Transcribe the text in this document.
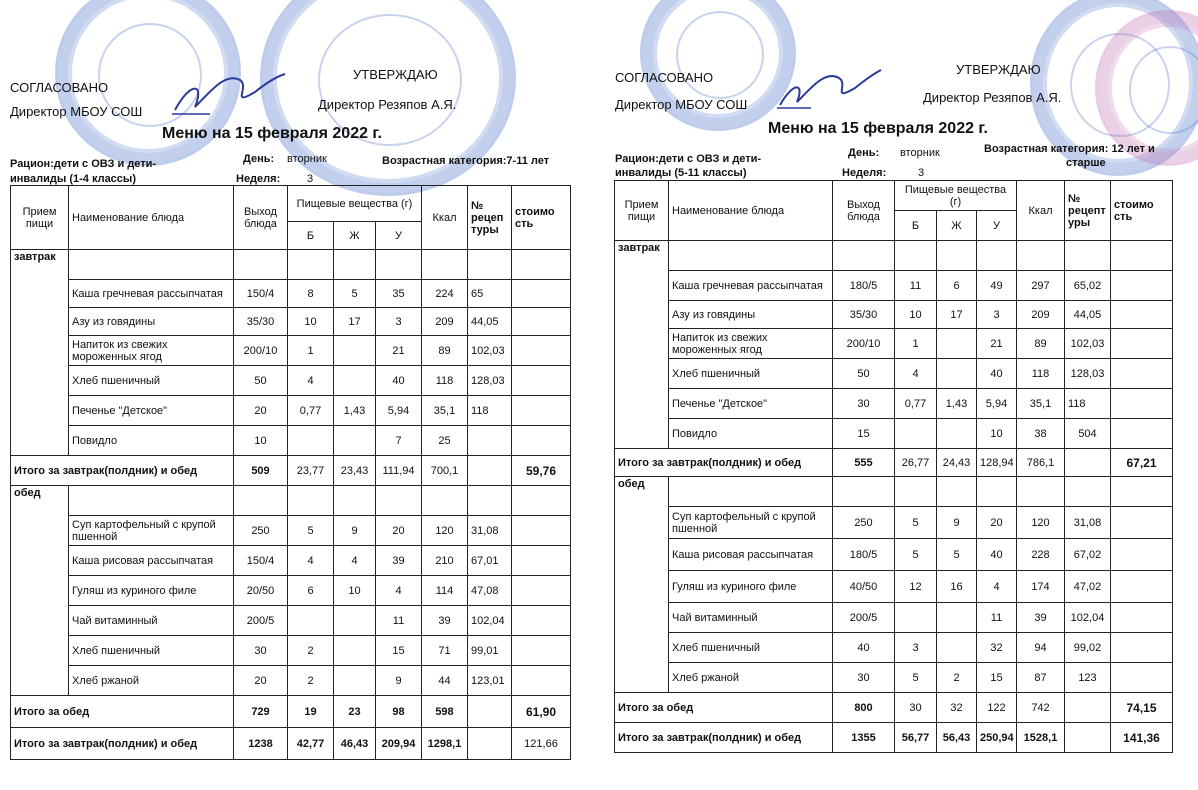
СОГЛАСОВАНО
Директор МБОУ СОШ
УТВЕРЖДАЮ
Директор Резяпов А.Я.
Меню на 15 февраля 2022 г.
Рацион:дети с ОВЗ и дети-
инвалиды (1-4 классы)
День: вторник
Неделя: 3
Возрастная категория:7-11 лет
Прием пищи	Наименование блюда	Выход блюда	Пищевые вещества (г)			Ккал	№ рецеп туры	стоимо сть
			Б	Ж	У			
завтрак								
	Каша гречневая рассыпчатая	150/4	8	5	35	224	65	
	Азу из говядины	35/30	10	17	3	209	44,05	
	Напиток из свежих мороженных ягод	200/10	1		21	89	102,03	
	Хлеб пшеничный	50	4		40	118	128,03	
	Печенье "Детское"	20	0,77	1,43	5,94	35,1	118	
	Повидло	10			7	25		
Итого за завтрак(полдник) и обед		509	23,77	23,43	111,94	700,1		59,76
обед								
	Суп картофельный с крупой пшенной	250	5	9	20	120	31,08	
	Каша рисовая рассыпчатая	150/4	4	4	39	210	67,01	
	Гуляш из куриного филе	20/50	6	10	4	114	47,08	
	Чай витаминный	200/5			11	39	102,04	
	Хлеб пшеничный	30	2		15	71	99,01	
	Хлеб ржаной	20	2		9	44	123,01	
Итого за обед		729	19	23	98	598		61,90
Итого за завтрак(полдник) и обед		1238	42,77	46,43	209,94	1298,1		121,66
СОГЛАСОВАНО
Директор МБОУ СОШ
УТВЕРЖДАЮ
Директор Резяпов А.Я.
Меню на 15 февраля 2022 г.
Рацион:дети с ОВЗ и дети-
инвалиды (5-11 классы)
День: вторник
Неделя:	3
Возрастная категория: 12 лет и
старше
Прием пищи	Наименование блюда	Выход блюда	Пищевые вещества (г)			Ккал	№ рецепт уры	стоимо сть
			Б	Ж	У			
завтрак								
	Каша гречневая рассыпчатая	180/5	11	6	49	297	65,02	
	Азу из говядины	35/30	10	17	3	209	44,05	
	Напиток из свежих мороженных ягод	200/10	1		21	89	102,03	
	Хлеб пшеничный	50	4		40	118	128,03	
	Печенье "Детское"	30	0,77	1,43	5,94	35,1	118	
	Повидло	15			10	38	504	
Итого за завтрак(полдник) и обед		555	26,77	24,43	128,94	786,1		67,21
обед								
	Суп картофельный с крупой пшенной	250	5	9	20	120	31,08	
	Каша рисовая рассыпчатая	180/5	5	5	40	228	67,02	
	Гуляш из куриного филе	40/50	12	16	4	174	47,02	
	Чай витаминный	200/5			11	39	102,04	
	Хлеб пшеничный	40	3		32	94	99,02	
	Хлеб ржаной	30	5	2	15	87	123	
Итого за обед		800	30	32	122	742		74,15
Итого за завтрак(полдник) и обед		1355	56,77	56,43	250,94	1528,1		141,36
